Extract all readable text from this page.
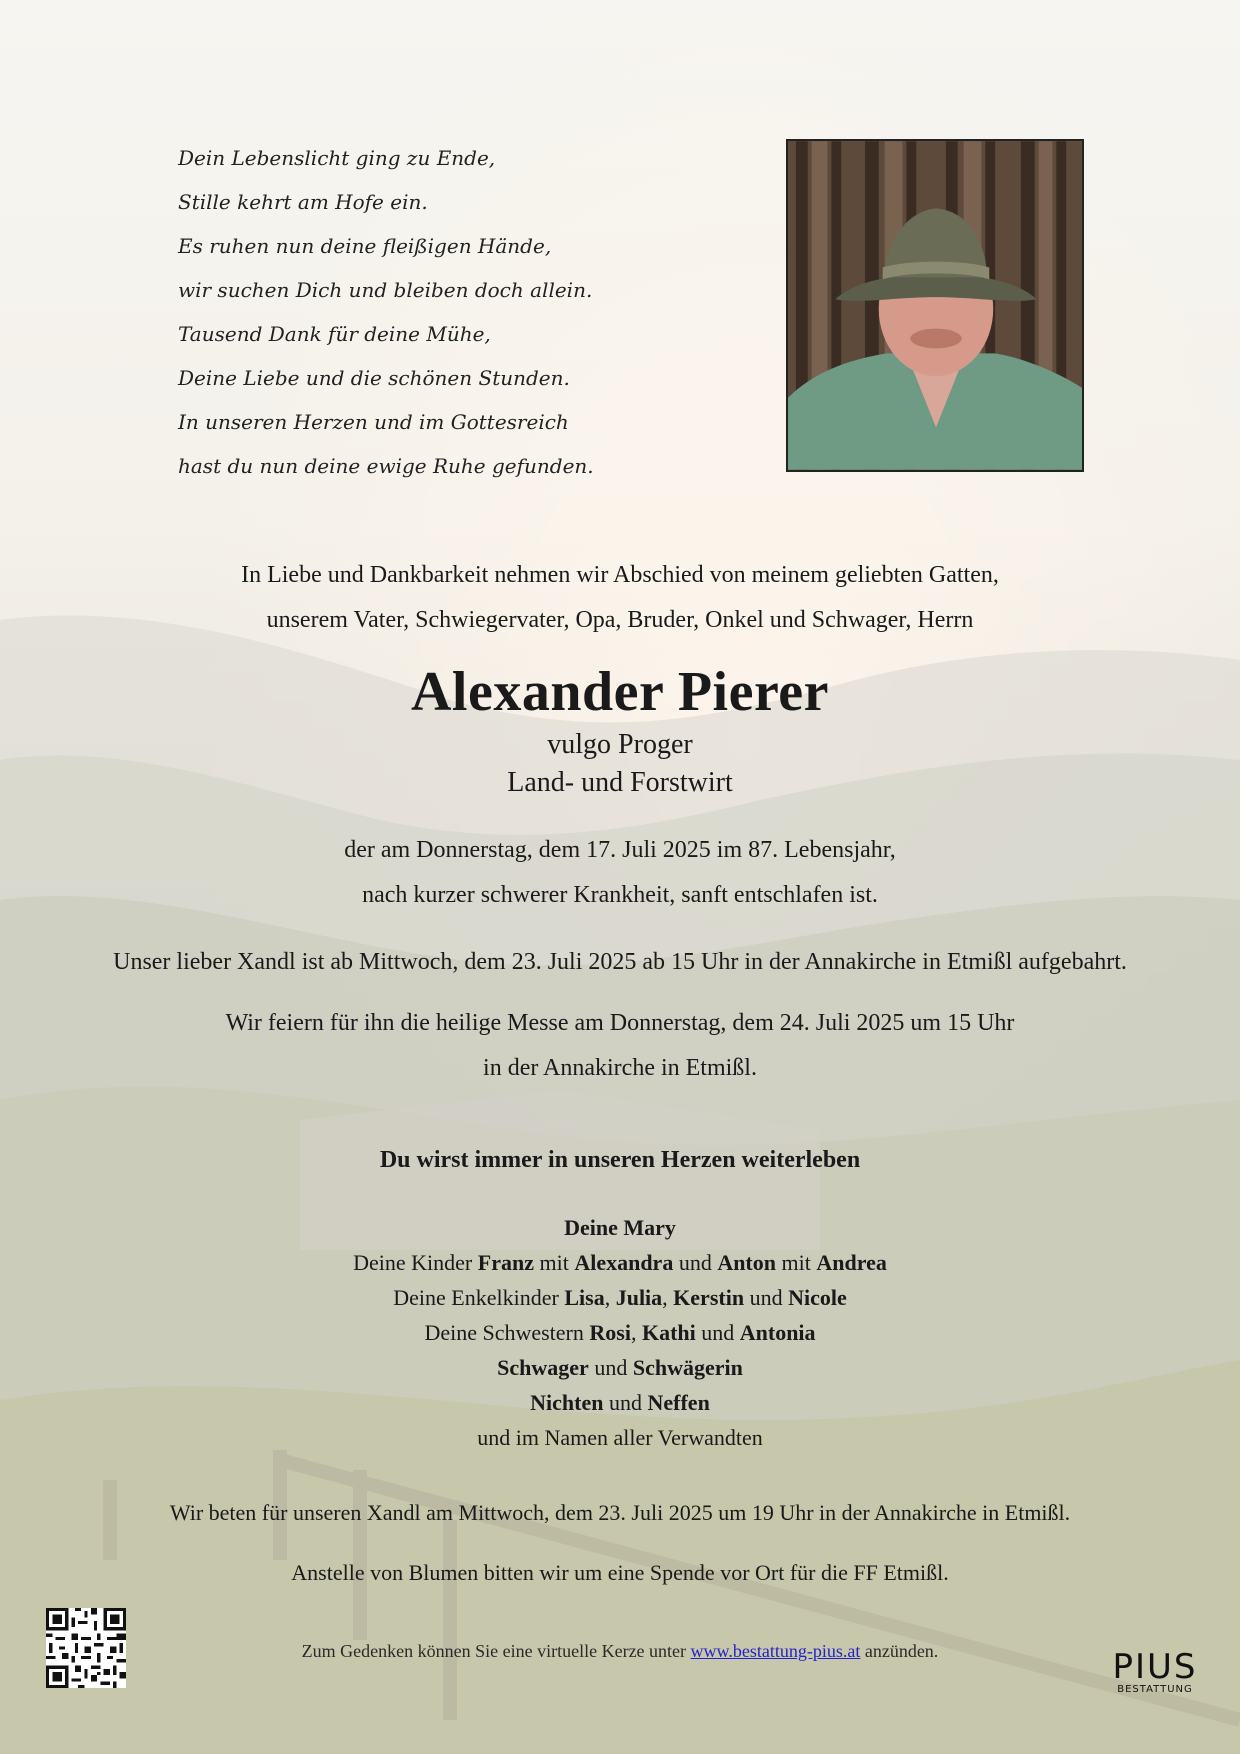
Dein Lebenslicht ging zu Ende,
Stille kehrt am Hofe ein.
Es ruhen nun deine fleißigen Hände,
wir suchen Dich und bleiben doch allein.
Tausend Dank für deine Mühe,
Deine Liebe und die schönen Stunden.
In unseren Herzen und im Gottesreich
hast du nun deine ewige Ruhe gefunden.
In Liebe und Dankbarkeit nehmen wir Abschied von meinem geliebten Gatten,
unserem Vater, Schwiegervater, Opa, Bruder, Onkel und Schwager, Herrn
Alexander Pierer
vulgo Proger
Land- und Forstwirt
der am Donnerstag, dem 17. Juli 2025 im 87. Lebensjahr,
nach kurzer schwerer Krankheit, sanft entschlafen ist.
Unser lieber Xandl ist ab Mittwoch, dem 23. Juli 2025 ab 15 Uhr in der Annakirche in Etmißl aufgebahrt.
Wir feiern für ihn die heilige Messe am Donnerstag, dem 24. Juli 2025 um 15 Uhr
in der Annakirche in Etmißl.
Du wirst immer in unseren Herzen weiterleben
Deine Mary
Deine Kinder Franz mit Alexandra und Anton mit Andrea
Deine Enkelkinder Lisa, Julia, Kerstin und Nicole
Deine Schwestern Rosi, Kathi und Antonia
Schwager und Schwägerin
Nichten und Neffen
und im Namen aller Verwandten
Wir beten für unseren Xandl am Mittwoch, dem 23. Juli 2025 um 19 Uhr in der Annakirche in Etmißl.
Anstelle von Blumen bitten wir um eine Spende vor Ort für die FF Etmißl.
Zum Gedenken können Sie eine virtuelle Kerze unter www.bestattung-pius.at anzünden.	PIUS
BESTATTUNG
